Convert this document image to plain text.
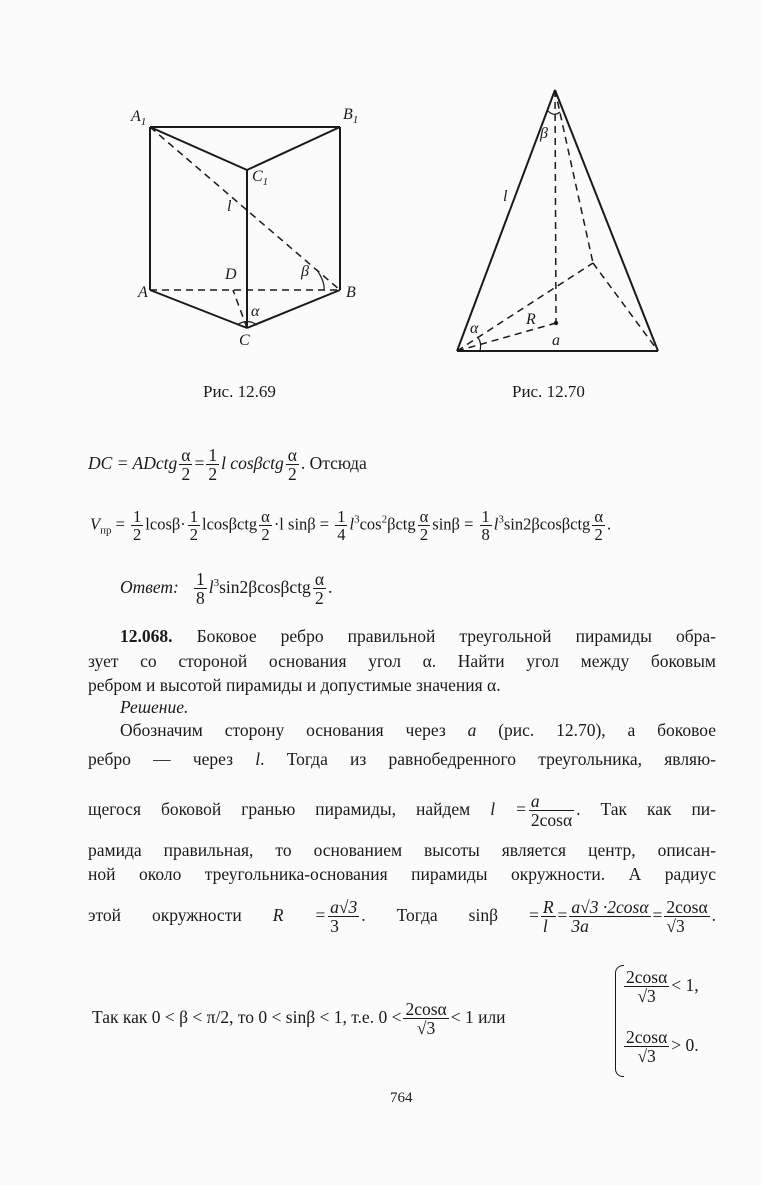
$A_1$	$B_1$
$C_1$
l
D	β
A	B
α
C
Рис. 12.69
β
l
R
α
a
Рис. 12.70
DC = ADctg $\frac{\alpha}{2} = \frac{1}{2}$ l cosβctg $\frac{\alpha}{2}$ . Отсюда
$V_{пр} = \frac{1}{2} lcos\beta\cdot \frac{1}{2}$ lcosβctg $\frac{\alpha}{2} \cdot l$ $\sin\beta = \frac{1}{4} l^3\cos^2\beta ctg \frac{\alpha}{2}$ $\sin\beta = \frac{1}{8} l^3\sin 2\beta\cos\beta ctg \frac{\alpha}{2}$ .
Ответ: $\frac{1}{8} l^3\sin 2\beta\cos\beta ctg \frac{\alpha}{2}$ .
12.068. Боковое ребро правильной треугольной пирамиды обра-
зует со стороной основания угол α. Найти угол между боковым
ребром и высотой пирамиды и допустимые значения α.
Решение.
Обозначим сторону основания через a (рис. 12.70), а боковое
ребро — через l. Тогда из равнобедренного треугольника, являю-
щегося боковой гранью пирамиды, найдем $l = \frac{a}{2\cos\alpha}$ . Так как пи-
рамида правильная, то основанием высоты является центр, описан-
ной около треугольника-основания пирамиды окружности. А радиус
этой окружности $R = \frac{a√3}{3}$ . Тогда $\sin\beta = \frac{R}{l} = \frac{a√3 \cdot 2\cos\alpha}{3a} = \frac{2\cos\alpha}{√3}$ .
Так как 0 < β < π/2, то 0 < sinβ < 1, т.е. $0 < \frac{2\cos\alpha}{√3} < 1$ или
$\frac{2\cos\alpha}{√3} < 1$,
$\frac{2\cos\alpha}{√3} > 0$.
764
